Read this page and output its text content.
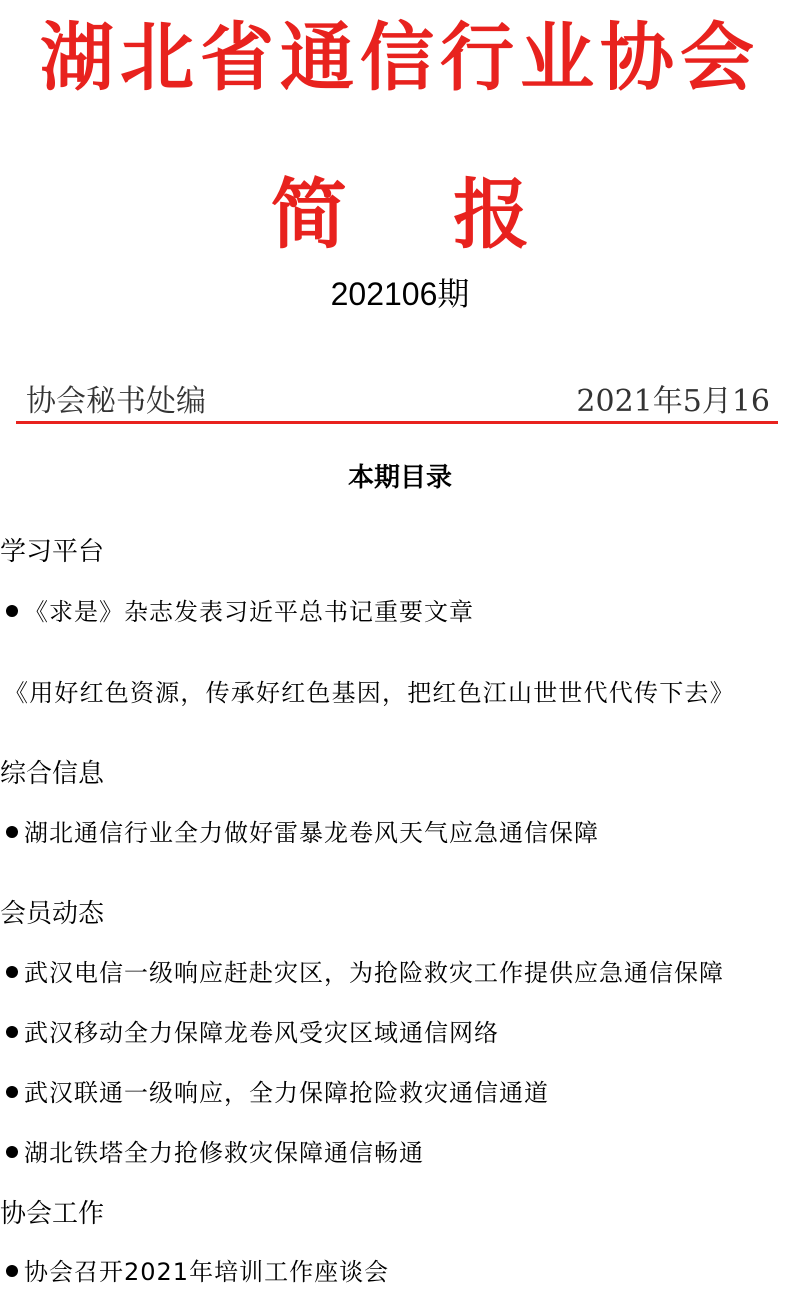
湖北省通信行业协会
简 报
202106期
协会秘书处编	2021年5月16
本期目录
学习平台
《求是》杂志发表习近平总书记重要文章
《用好红色资源，传承好红色基因，把红色江山世世代代传下去》
综合信息
湖北通信行业全力做好雷暴龙卷风天气应急通信保障
会员动态
武汉电信一级响应赶赴灾区，为抢险救灾工作提供应急通信保障
武汉移动全力保障龙卷风受灾区域通信网络
武汉联通一级响应，全力保障抢险救灾通信通道
湖北铁塔全力抢修救灾保障通信畅通
协会工作
协会召开2021年培训工作座谈会
